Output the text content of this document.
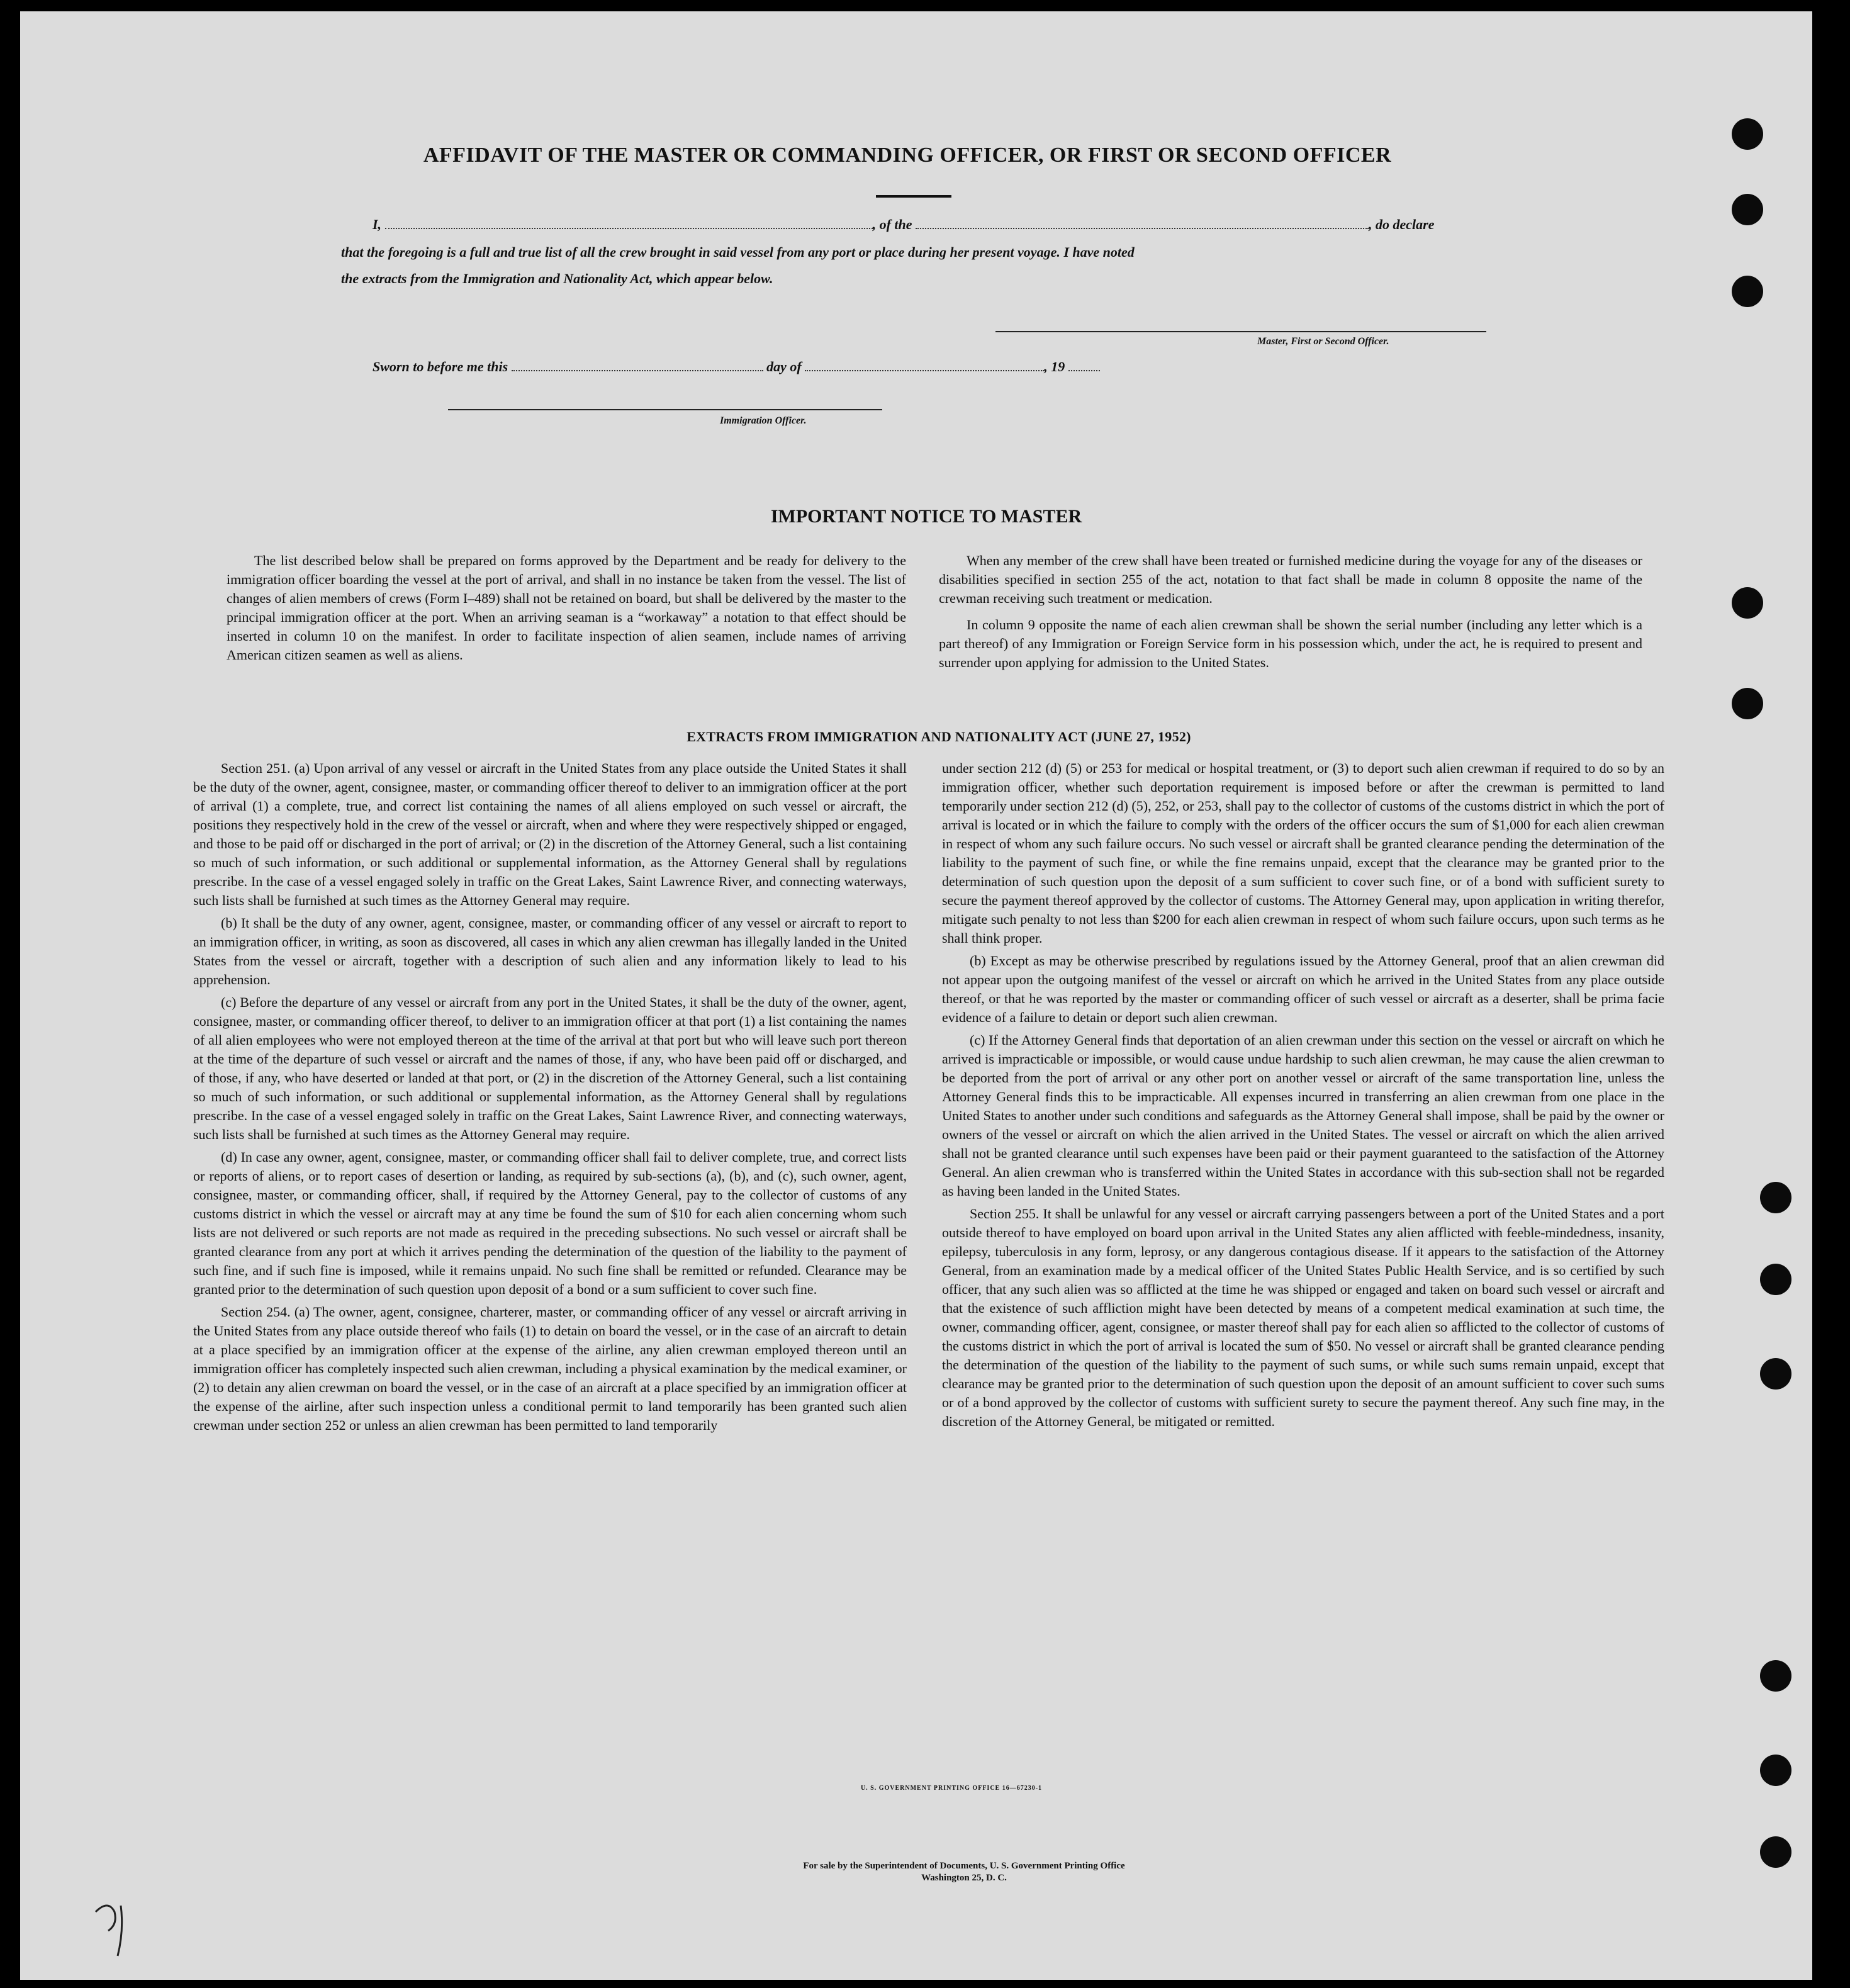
AFFIDAVIT OF THE MASTER OR COMMANDING OFFICER, OR FIRST OR SECOND OFFICER
I,	, of the	, do declare
that the foregoing is a full and true list of all the crew brought in said vessel from any port or place during her present voyage. I have noted
the extracts from the Immigration and Nationality Act, which appear below.
Master, First or Second Officer.
Sworn to before me this	day of	, 19
Immigration Officer.
IMPORTANT NOTICE TO MASTER

The list described below shall be prepared on forms approved by the Department and be ready for delivery to the immigration officer boarding the vessel at the port of arrival, and shall in no instance be taken from the vessel. The list of changes of alien members of crews (Form I–489) shall not be retained on board, but shall be delivered by the master to the principal immigration officer at the port. When an arriving seaman is a “workaway” a notation to that effect should be inserted in column 10 on the manifest. In order to facilitate inspection of alien seamen, include names of arriving American citizen seamen as well as aliens.

When any member of the crew shall have been treated or furnished medicine during the voyage for any of the diseases or disabilities specified in section 255 of the act, notation to that fact shall be made in column 8 opposite the name of the crewman receiving such treatment or medication.

In column 9 opposite the name of each alien crewman shall be shown the serial number (including any letter which is a part thereof) of any Immigration or Foreign Service form in his possession which, under the act, he is required to present and surrender upon applying for admission to the United States.

EXTRACTS FROM IMMIGRATION AND NATIONALITY ACT (JUNE 27, 1952)

Section 251. (a) Upon arrival of any vessel or aircraft in the United States from any place outside the United States it shall be the duty of the owner, agent, consignee, master, or commanding officer thereof to deliver to an immigration officer at the port of arrival (1) a complete, true, and correct list containing the names of all aliens employed on such vessel or aircraft, the positions they respectively hold in the crew of the vessel or aircraft, when and where they were respectively shipped or engaged, and those to be paid off or discharged in the port of arrival; or (2) in the discretion of the Attorney General, such a list containing so much of such information, or such additional or supplemental information, as the Attorney General shall by regulations prescribe. In the case of a vessel engaged solely in traffic on the Great Lakes, Saint Lawrence River, and connecting waterways, such lists shall be furnished at such times as the Attorney General may require.

(b) It shall be the duty of any owner, agent, consignee, master, or commanding officer of any vessel or aircraft to report to an immigration officer, in writing, as soon as discovered, all cases in which any alien crewman has illegally landed in the United States from the vessel or aircraft, together with a description of such alien and any information likely to lead to his apprehension.

(c) Before the departure of any vessel or aircraft from any port in the United States, it shall be the duty of the owner, agent, consignee, master, or commanding officer thereof, to deliver to an immigration officer at that port (1) a list containing the names of all alien employees who were not employed thereon at the time of the arrival at that port but who will leave such port thereon at the time of the departure of such vessel or aircraft and the names of those, if any, who have been paid off or discharged, and of those, if any, who have deserted or landed at that port, or (2) in the discretion of the Attorney General, such a list containing so much of such information, or such additional or supplemental information, as the Attorney General shall by regulations prescribe. In the case of a vessel engaged solely in traffic on the Great Lakes, Saint Lawrence River, and connecting waterways, such lists shall be furnished at such times as the Attorney General may require.

(d) In case any owner, agent, consignee, master, or commanding officer shall fail to deliver complete, true, and correct lists or reports of aliens, or to report cases of desertion or landing, as required by sub-sections (a), (b), and (c), such owner, agent, consignee, master, or commanding officer, shall, if required by the Attorney General, pay to the collector of customs of any customs district in which the vessel or aircraft may at any time be found the sum of $10 for each alien concerning whom such lists are not delivered or such reports are not made as required in the preceding subsections. No such vessel or aircraft shall be granted clearance from any port at which it arrives pending the determination of the question of the liability to the payment of such fine, and if such fine is imposed, while it remains unpaid. No such fine shall be remitted or refunded. Clearance may be granted prior to the determination of such question upon deposit of a bond or a sum sufficient to cover such fine.

Section 254. (a) The owner, agent, consignee, charterer, master, or commanding officer of any vessel or aircraft arriving in the United States from any place outside thereof who fails (1) to detain on board the vessel, or in the case of an aircraft to detain at a place specified by an immigration officer at the expense of the airline, any alien crewman employed thereon until an immigration officer has completely inspected such alien crewman, including a physical examination by the medical examiner, or (2) to detain any alien crewman on board the vessel, or in the case of an aircraft at a place specified by an immigration officer at the expense of the airline, after such inspection unless a conditional permit to land temporarily has been granted such alien crewman under section 252 or unless an alien crewman has been permitted to land temporarily

under section 212 (d) (5) or 253 for medical or hospital treatment, or (3) to deport such alien crewman if required to do so by an immigration officer, whether such deportation requirement is imposed before or after the crewman is permitted to land temporarily under section 212 (d) (5), 252, or 253, shall pay to the collector of customs of the customs district in which the port of arrival is located or in which the failure to comply with the orders of the officer occurs the sum of $1,000 for each alien crewman in respect of whom any such failure occurs. No such vessel or aircraft shall be granted clearance pending the determination of the liability to the payment of such fine, or while the fine remains unpaid, except that the clearance may be granted prior to the determination of such question upon the deposit of a sum sufficient to cover such fine, or of a bond with sufficient surety to secure the payment thereof approved by the collector of customs. The Attorney General may, upon application in writing therefor, mitigate such penalty to not less than $200 for each alien crewman in respect of whom such failure occurs, upon such terms as he shall think proper.

(b) Except as may be otherwise prescribed by regulations issued by the Attorney General, proof that an alien crewman did not appear upon the outgoing manifest of the vessel or aircraft on which he arrived in the United States from any place outside thereof, or that he was reported by the master or commanding officer of such vessel or aircraft as a deserter, shall be prima facie evidence of a failure to detain or deport such alien crewman.

(c) If the Attorney General finds that deportation of an alien crewman under this section on the vessel or aircraft on which he arrived is impracticable or impossible, or would cause undue hardship to such alien crewman, he may cause the alien crewman to be deported from the port of arrival or any other port on another vessel or aircraft of the same transportation line, unless the Attorney General finds this to be impracticable. All expenses incurred in transferring an alien crewman from one place in the United States to another under such conditions and safeguards as the Attorney General shall impose, shall be paid by the owner or owners of the vessel or aircraft on which the alien arrived in the United States. The vessel or aircraft on which the alien arrived shall not be granted clearance until such expenses have been paid or their payment guaranteed to the satisfaction of the Attorney General. An alien crewman who is transferred within the United States in accordance with this sub-section shall not be regarded as having been landed in the United States.

Section 255. It shall be unlawful for any vessel or aircraft carrying passengers between a port of the United States and a port outside thereof to have employed on board upon arrival in the United States any alien afflicted with feeble-mindedness, insanity, epilepsy, tuberculosis in any form, leprosy, or any dangerous contagious disease. If it appears to the satisfaction of the Attorney General, from an examination made by a medical officer of the United States Public Health Service, and is so certified by such officer, that any such alien was so afflicted at the time he was shipped or engaged and taken on board such vessel or aircraft and that the existence of such affliction might have been detected by means of a competent medical examination at such time, the owner, commanding officer, agent, consignee, or master thereof shall pay for each alien so afflicted to the collector of customs of the customs district in which the port of arrival is located the sum of $50. No vessel or aircraft shall be granted clearance pending the determination of the question of the liability to the payment of such sums, or while such sums remain unpaid, except that clearance may be granted prior to the determination of such question upon the deposit of an amount sufficient to cover such sums or of a bond approved by the collector of customs with sufficient surety to secure the payment thereof. Any such fine may, in the discretion of the Attorney General, be mitigated or remitted.

U. S. GOVERNMENT PRINTING OFFICE 16—67230-1
For sale by the Superintendent of Documents, U. S. Government Printing Office
Washington 25, D. C.
